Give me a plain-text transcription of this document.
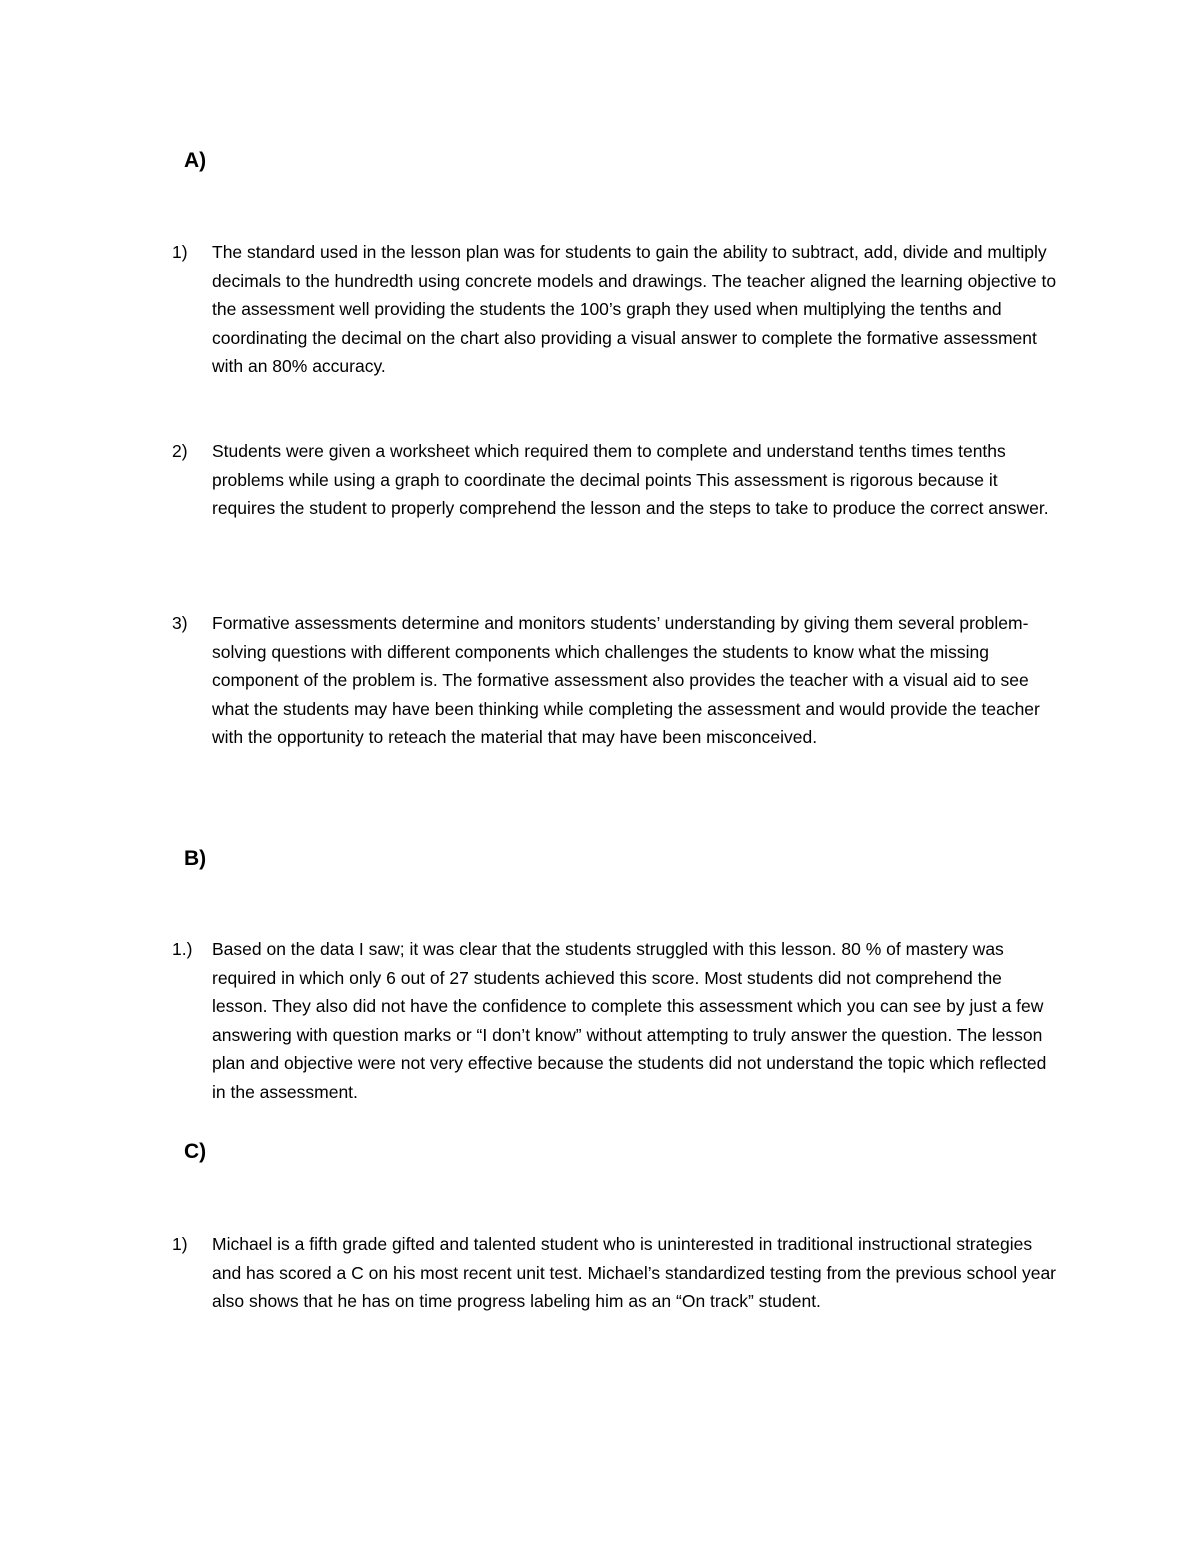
A)
1)	The standard used in the lesson plan was for students to gain the ability to subtract, add, divide and multiply decimals to the hundredth using concrete models and drawings. The teacher aligned the learning objective to the assessment well providing the students the 100’s graph they used when multiplying the tenths and coordinating the decimal on the chart also providing a visual answer to complete the formative assessment with an 80% accuracy.

2)	Students were given a worksheet which required them to complete and understand tenths times tenths problems while using a graph to coordinate the decimal points This assessment is rigorous because it requires the student to properly comprehend the lesson and the steps to take to produce the correct answer.

3)	Formative assessments determine and monitors students’ understanding by giving them several problem-solving questions with different components which challenges the students to know what the missing component of the problem is. The formative assessment also provides the teacher with a visual aid to see what the students may have been thinking while completing the assessment and would provide the teacher with the opportunity to reteach the material that may have been misconceived.

B)
1.)	Based on the data I saw; it was clear that the students struggled with this lesson. 80 % of mastery was required in which only 6 out of 27 students achieved this score. Most students did not comprehend the lesson. They also did not have the confidence to complete this assessment which you can see by just a few answering with question marks or “I don’t know” without attempting to truly answer the question. The lesson plan and objective were not very effective because the students did not understand the topic which reflected in the assessment.

C)
1)	Michael is a fifth grade gifted and talented student who is uninterested in traditional instructional strategies and has scored a C on his most recent unit test. Michael’s standardized testing from the previous school year also shows that he has on time progress labeling him as an “On track” student.
